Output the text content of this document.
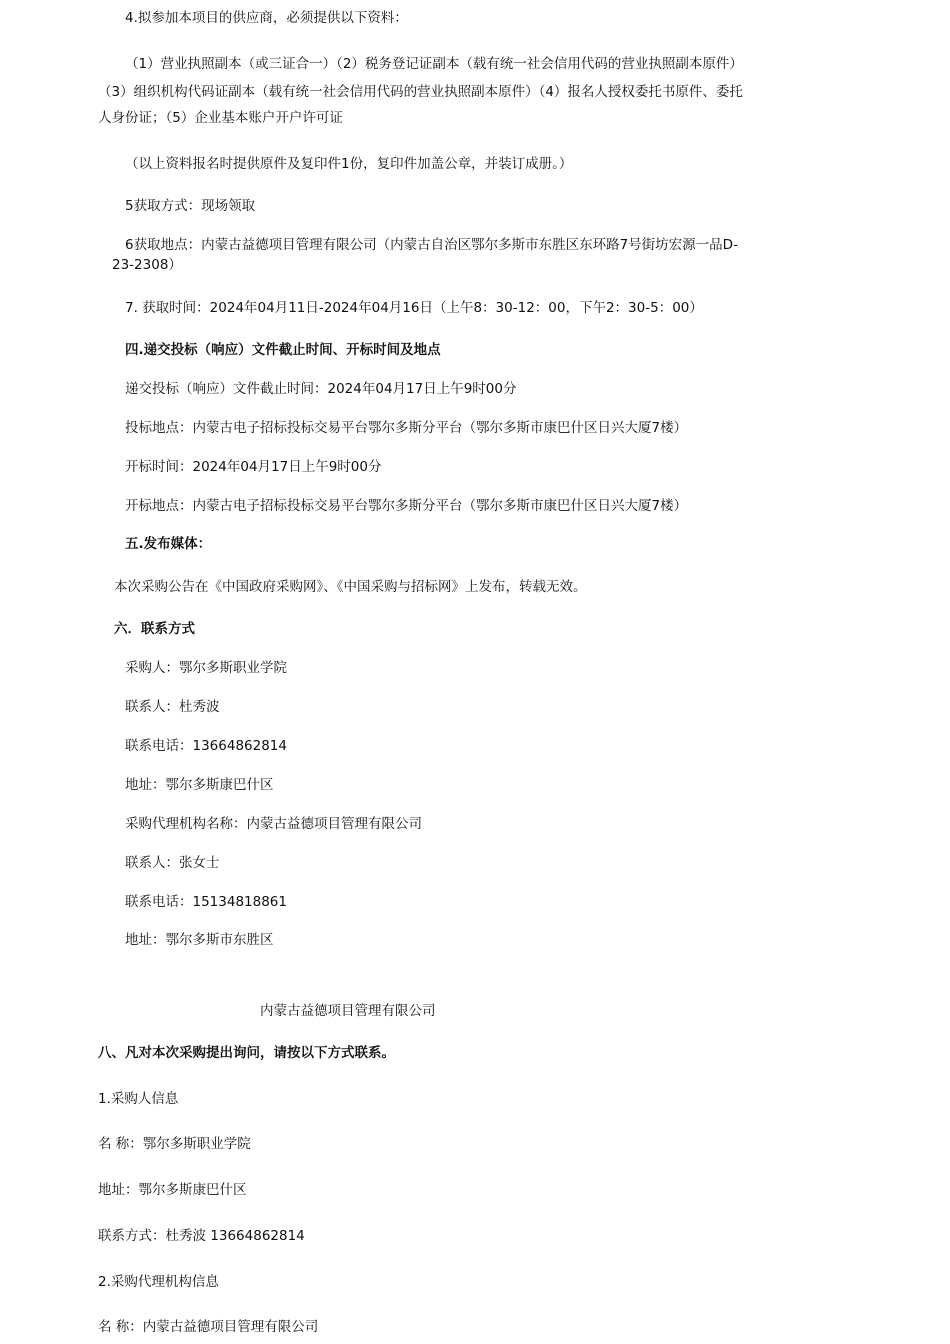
4.拟参加本项目的供应商，必须提供以下资料：
（1）营业执照副本（或三证合一）（2）税务登记证副本（载有统一社会信用代码的营业执照副本原件）
（3）组织机构代码证副本（载有统一社会信用代码的营业执照副本原件）（4）报名人授权委托书原件、委托
人身份证；（5）企业基本账户开户许可证
（以上资料报名时提供原件及复印件1份，复印件加盖公章，并装订成册。）
5获取方式：现场领取
6获取地点：内蒙古益德项目管理有限公司（内蒙古自治区鄂尔多斯市东胜区东环路7号街坊宏源一品D-
23-2308）
7. 获取时间：2024年04月11日-2024年04月16日（上午8：30-12：00，下午2：30-5：00）
四.递交投标（响应）文件截止时间、开标时间及地点
递交投标（响应）文件截止时间：2024年04月17日上午9时00分
投标地点：内蒙古电子招标投标交易平台鄂尔多斯分平台（鄂尔多斯市康巴什区日兴大厦7楼）
开标时间：2024年04月17日上午9时00分
开标地点：内蒙古电子招标投标交易平台鄂尔多斯分平台（鄂尔多斯市康巴什区日兴大厦7楼）
五.发布媒体：
本次采购公告在《中国政府采购网》、《中国采购与招标网》上发布，转载无效。
六．联系方式
采购人：鄂尔多斯职业学院
联系人：杜秀波
联系电话：13664862814
地址：鄂尔多斯康巴什区
采购代理机构名称：内蒙古益德项目管理有限公司
联系人：张女士
联系电话：15134818861
地址：鄂尔多斯市东胜区
内蒙古益德项目管理有限公司
八、凡对本次采购提出询问，请按以下方式联系。
1.采购人信息
名 称：鄂尔多斯职业学院
地址：鄂尔多斯康巴什区
联系方式：杜秀波 13664862814
2.采购代理机构信息
名 称：内蒙古益德项目管理有限公司
